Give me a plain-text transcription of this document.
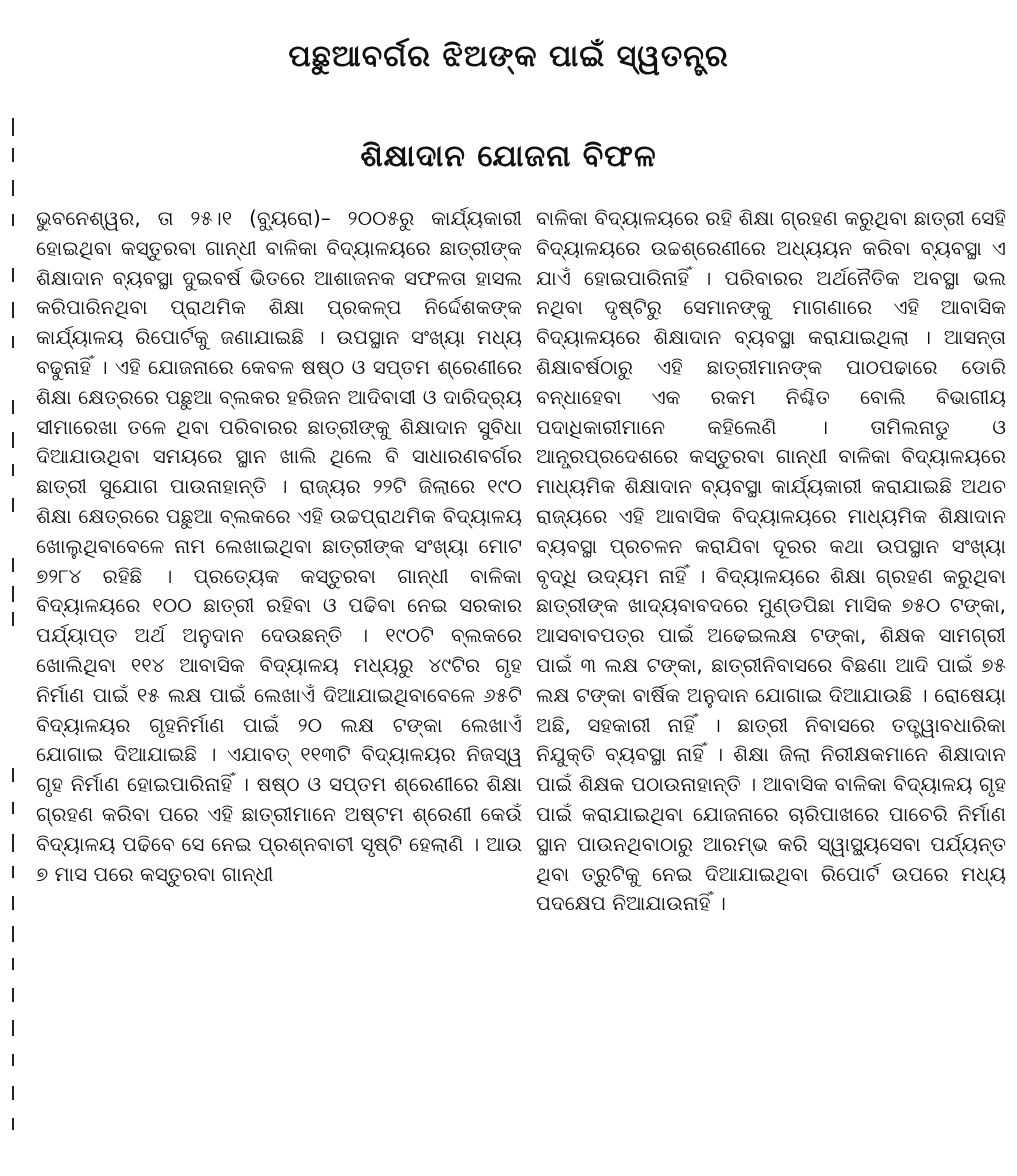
ପଛୁଆବର୍ଗର ଝିଅଙ୍କ ପାଇଁ ସ୍ୱତନ୍ତ୍ର
ଶିକ୍ଷାଦାନ ଯୋଜନା ବିଫଳ
ଭୁବନେଶ୍ୱର, ତା ୨୫।୧ (ବ୍ୟୁରୋ)– ୨୦୦୫ରୁ କାର୍ଯ୍ୟକାରୀ ହୋଇଥିବା କସ୍ତୁରବା ଗାନ୍ଧୀ ବାଳିକା ବିଦ୍ୟାଳୟରେ ଛାତ୍ରୀଙ୍କ ଶିକ୍ଷାଦାନ ବ୍ୟବସ୍ଥା ଦୁଇବର୍ଷ ଭିତରେ ଆଶାଜନକ ସଫଳତା ହାସଲ କରିପାରିନଥିବା ପ୍ରାଥମିକ ଶିକ୍ଷା ପ୍ରକଳ୍ପ ନିର୍ଦ୍ଦେଶକଙ୍କ କାର୍ଯ୍ୟାଳୟ ରିପୋର୍ଟକୁ ଜଣାଯାଇଛି । ଉପସ୍ଥାନ ସଂଖ୍ୟା ମଧ୍ୟ ବଢୁନାହିଁ । ଏହି ଯୋଜନାରେ କେବଳ ଷଷ୍ଠ ଓ ସପ୍ତମ ଶ୍ରେଣୀରେ ଶିକ୍ଷା କ୍ଷେତ୍ରରେ ପଛୁଆ ବ୍ଲକର ହରିଜନ ଆଦିବାସୀ ଓ ଦାରିଦ୍ର୍ୟ ସୀମାରେଖା ତଳେ ଥିବା ପରିବାରର ଛାତ୍ରୀଙ୍କୁ ଶିକ୍ଷାଦାନ ସୁବିଧା ଦିଆଯାଉଥିବା ସମୟରେ ସ୍ଥାନ ଖାଲି ଥିଲେ ବି ସାଧାରଣବର୍ଗର ଛାତ୍ରୀ ସୁଯୋଗ ପାଉନାହାନ୍ତି । ରାଜ୍ୟର ୨୨ଟି ଜିଲାରେ ୧୯୦ ଶିକ୍ଷା କ୍ଷେତ୍ରରେ ପଛୁଆ ବ୍ଲକରେ ଏହି ଉଚ୍ଚପ୍ରାଥମିକ ବିଦ୍ୟାଳୟ ଖୋଲୁଥିବାବେଳେ ନାମ ଲେଖାଇଥିବା ଛାତ୍ରୀଙ୍କ ସଂଖ୍ୟା ମୋଟ ୭୨୮୪ ରହିଛି । ପ୍ରତ୍ୟେକ କସ୍ତୁରବା ଗାନ୍ଧୀ ବାଳିକା ବିଦ୍ୟାଳୟରେ ୧୦୦ ଛାତ୍ରୀ ରହିବା ଓ ପଢିବା ନେଇ ସରକାର ପର୍ଯ୍ୟାପ୍ତ ଅର୍ଥ ଅନୁଦାନ ଦେଉଛନ୍ତି । ୧୯୦ଟି ବ୍ଲକରେ ଖୋଲିଥିବା ୧୧୪ ଆବାସିକ ବିଦ୍ୟାଳୟ ମଧ୍ୟରୁ ୪୯ଟିର ଗୃହ ନିର୍ମାଣ ପାଇଁ ୧୫ ଲକ୍ଷ ପାଇଁ ଲେଖାଏଁ ଦିଆଯାଇଥିବାବେଳେ ୬୫ଟି ବିଦ୍ୟାଳୟର ଗୃହନିର୍ମାଣ ପାଇଁ ୨୦ ଲକ୍ଷ ଟଙ୍କା ଲେଖାଏଁ ଯୋଗାଇ ଦିଆଯାଇଛି । ଏଯାବତ୍ ୧୧୩ଟି ବିଦ୍ୟାଳୟର ନିଜସ୍ୱ ଗୃହ ନିର୍ମାଣ ହୋଇପାରିନାହିଁ । ଷଷ୍ଠ ଓ ସପ୍ତମ ଶ୍ରେଣୀରେ ଶିକ୍ଷା ଗ୍ରହଣ କରିବା ପରେ ଏହି ଛାତ୍ରୀମାନେ ଅଷ୍ଟମ ଶ୍ରେଣୀ କେଉଁ ବିଦ୍ୟାଳୟ ପଢିବେ ସେ ନେଇ ପ୍ରଶ୍ନବାଚୀ ସୃଷ୍ଟି ହେଲାଣି । ଆଉ ୭ ମାସ ପରେ କସ୍ତୁରବା ଗାନ୍ଧୀ
ବାଳିକା ବିଦ୍ୟାଳୟରେ ରହି ଶିକ୍ଷା ଗ୍ରହଣ କରୁଥିବା ଛାତ୍ରୀ ସେହି ବିଦ୍ୟାଳୟରେ ଉଚ୍ଚଶ୍ରେଣୀରେ ଅଧ୍ୟୟନ କରିବା ବ୍ୟବସ୍ଥା ଏ ଯାଏଁ ହୋଇପାରିନାହିଁ । ପରିବାରର ଅର୍ଥନୈତିକ ଅବସ୍ଥା ଭଲ ନଥିବା ଦୃଷ୍ଟିରୁ ସେମାନଙ୍କୁ ମାଗଣାରେ ଏହି ଆବାସିକ ବିଦ୍ୟାଳୟରେ ଶିକ୍ଷାଦାନ ବ୍ୟବସ୍ଥା କରାଯାଇଥିଲା । ଆସନ୍ତା ଶିକ୍ଷାବର୍ଷଠାରୁ ଏହି ଛାତ୍ରୀମାନଙ୍କ ପାଠପଢାରେ ଡୋରି ବନ୍ଧାହେବା ଏକ ରକମ ନିଶ୍ଚିତ ବୋଲି ବିଭାଗୀୟ ପଦାଧିକାରୀମାନେ କହିଲେଣି । ତାମିଲନାଡୁ ଓ ଆନ୍ଧ୍ରପ୍ରଦେଶରେ କସ୍ତୁରବା ଗାନ୍ଧୀ ବାଳିକା ବିଦ୍ୟାଳୟରେ ମାଧ୍ୟମିକ ଶିକ୍ଷାଦାନ ବ୍ୟବସ୍ଥା କାର୍ଯ୍ୟକାରୀ କରାଯାଇଛି ଅଥଚ ରାଜ୍ୟରେ ଏହି ଆବାସିକ ବିଦ୍ୟାଳୟରେ ମାଧ୍ୟମିକ ଶିକ୍ଷାଦାନ ବ୍ୟବସ୍ଥା ପ୍ରଚଳନ କରାଯିବା ଦୂରର କଥା ଉପସ୍ଥାନ ସଂଖ୍ୟା ବୃଦ୍ଧି ଉଦ୍ୟମ ନାହିଁ । ବିଦ୍ୟାଳୟରେ ଶିକ୍ଷା ଗ୍ରହଣ କରୁଥିବା ଛାତ୍ରୀଙ୍କ ଖାଦ୍ୟବାବଦରେ ମୁଣ୍ଡପିଛା ମାସିକ ୭୫୦ ଟଙ୍କା, ଆସବାବପତ୍ର ପାଇଁ ଅଢେଇଲକ୍ଷ ଟଙ୍କା, ଶିକ୍ଷକ ସାମଗ୍ରୀ ପାଇଁ ୩ ଲକ୍ଷ ଟଙ୍କା, ଛାତ୍ରୀନିବାସରେ ବିଛଣା ଆଦି ପାଇଁ ୭୫ ଲକ୍ଷ ଟଙ୍କା ବାର୍ଷିକ ଅନୁଦାନ ଯୋଗାଇ ଦିଆଯାଉଛି । ରୋଷେୟା ଅଛି, ସହକାରୀ ନାହିଁ । ଛାତ୍ରୀ ନିବାସରେ ତତ୍ତ୍ୱାବଧାରିକା ନିଯୁକ୍ତି ବ୍ୟବସ୍ଥା ନାହିଁ । ଶିକ୍ଷା ଜିଲା ନିରୀକ୍ଷକମାନେ ଶିକ୍ଷାଦାନ ପାଇଁ ଶିକ୍ଷକ ପଠାଉନାହାନ୍ତି । ଆବାସିକ ବାଳିକା ବିଦ୍ୟାଳୟ ଗୃହ ପାଇଁ କରାଯାଇଥିବା ଯୋଜନାରେ ଚାରିପାଖରେ ପାଚେରି ନିର୍ମାଣ ସ୍ଥାନ ପାଉନଥିବାଠାରୁ ଆରମ୍ଭ କରି ସ୍ୱାସ୍ଥ୍ୟସେବା ପର୍ଯ୍ୟନ୍ତ ଥିବା ତ୍ରୁଟିକୁ ନେଇ ଦିଆଯାଇଥିବା ରିପୋର୍ଟ ଉପରେ ମଧ୍ୟ ପଦକ୍ଷେପ ନିଆଯାଉନାହିଁ ।
